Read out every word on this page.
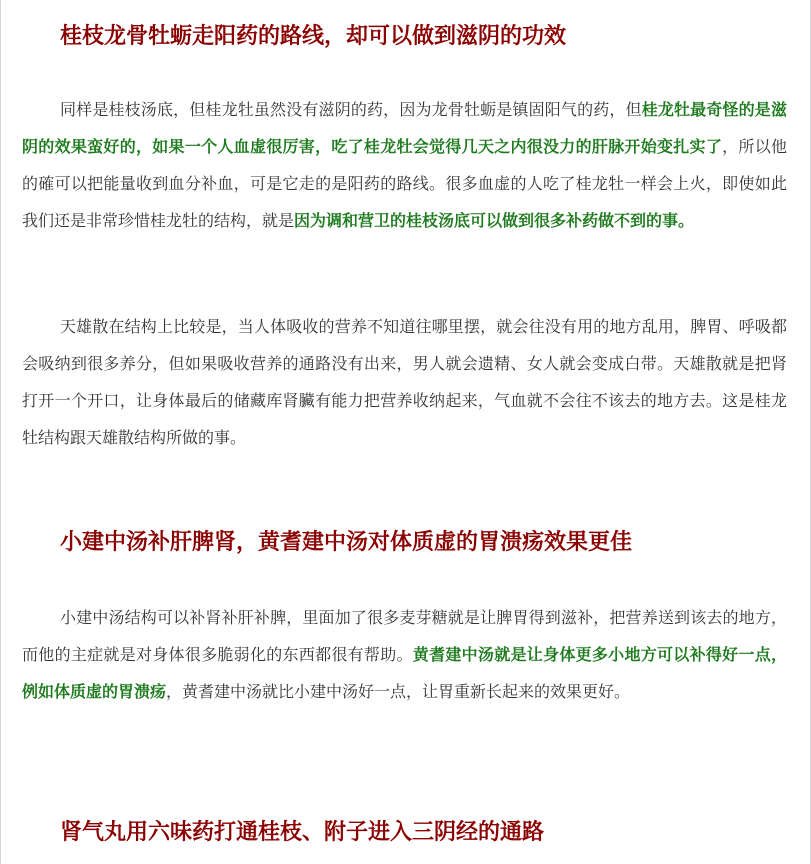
桂枝龙骨牡蛎走阳药的路线，却可以做到滋阴的功效

同样是桂枝汤底，但桂龙牡虽然没有滋阴的药，因为龙骨牡蛎是镇固阳气的药，但桂龙牡最奇怪的是滋阴的效果蛮好的，如果一个人血虚很厉害，吃了桂龙牡会觉得几天之内很没力的肝脉开始变扎实了，所以他的確可以把能量收到血分补血，可是它走的是阳药的路线。很多血虚的人吃了桂龙牡一样会上火，即使如此我们还是非常珍惜桂龙牡的结构，就是因为调和营卫的桂枝汤底可以做到很多补药做不到的事。

天雄散在结构上比较是，当人体吸收的营养不知道往哪里摆，就会往没有用的地方乱用，脾胃、呼吸都会吸纳到很多养分，但如果吸收营养的通路没有出来，男人就会遗精、女人就会变成白带。天雄散就是把肾打开一个开口，让身体最后的储藏库肾臟有能力把营养收纳起来，气血就不会往不该去的地方去。这是桂龙牡结构跟天雄散结构所做的事。

小建中汤补肝脾肾，黄耆建中汤对体质虚的胃溃疡效果更佳

小建中汤结构可以补肾补肝补脾，里面加了很多麦芽糖就是让脾胃得到滋补，把营养送到该去的地方，而他的主症就是对身体很多脆弱化的东西都很有帮助。黄耆建中汤就是让身体更多小地方可以补得好一点，例如体质虚的胃溃疡，黄耆建中汤就比小建中汤好一点，让胃重新长起来的效果更好。

肾气丸用六味药打通桂枝、附子进入三阴经的通路
